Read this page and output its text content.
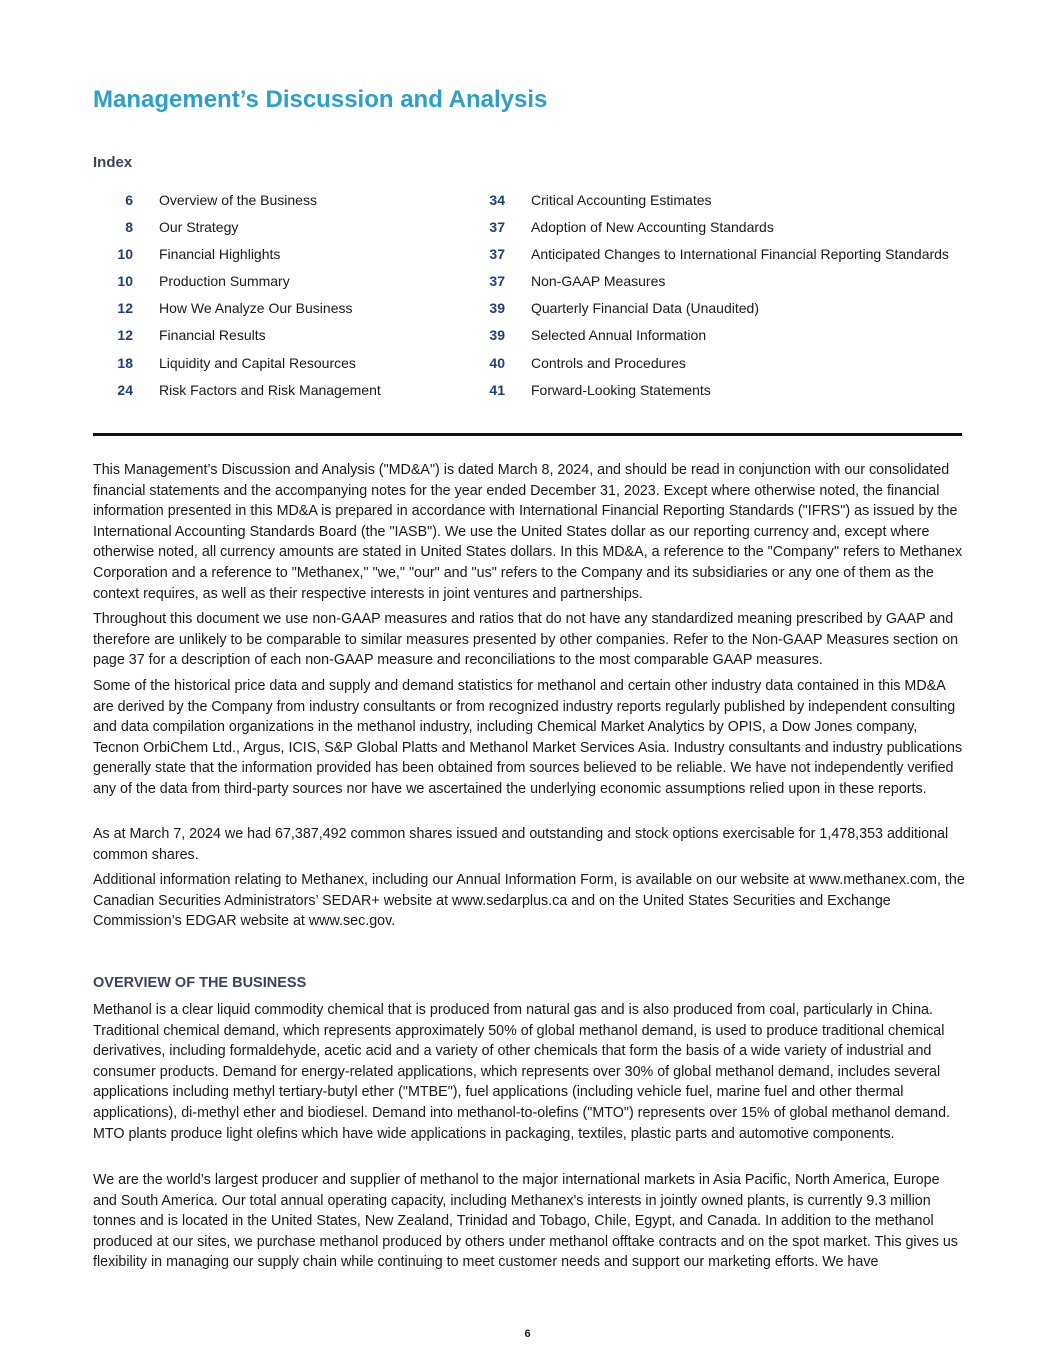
Management’s Discussion and Analysis
Index
6 Overview of the Business
8 Our Strategy
10 Financial Highlights
10 Production Summary
12 How We Analyze Our Business
12 Financial Results
18 Liquidity and Capital Resources
24 Risk Factors and Risk Management
34 Critical Accounting Estimates
37 Adoption of New Accounting Standards
37 Anticipated Changes to International Financial Reporting Standards
37 Non-GAAP Measures
39 Quarterly Financial Data (Unaudited)
39 Selected Annual Information
40 Controls and Procedures
41 Forward-Looking Statements

This Management’s Discussion and Analysis ("MD&A") is dated March 8, 2024, and should be read in conjunction with our consolidated financial statements and the accompanying notes for the year ended December 31, 2023. Except where otherwise noted, the financial information presented in this MD&A is prepared in accordance with International Financial Reporting Standards ("IFRS") as issued by the International Accounting Standards Board (the "IASB"). We use the United States dollar as our reporting currency and, except where otherwise noted, all currency amounts are stated in United States dollars. In this MD&A, a reference to the "Company" refers to Methanex Corporation and a reference to "Methanex," "we," "our" and "us" refers to the Company and its subsidiaries or any one of them as the context requires, as well as their respective interests in joint ventures and partnerships.

Throughout this document we use non-GAAP measures and ratios that do not have any standardized meaning prescribed by GAAP and therefore are unlikely to be comparable to similar measures presented by other companies. Refer to the Non-GAAP Measures section on page 37 for a description of each non-GAAP measure and reconciliations to the most comparable GAAP measures.

Some of the historical price data and supply and demand statistics for methanol and certain other industry data contained in this MD&A are derived by the Company from industry consultants or from recognized industry reports regularly published by independent consulting and data compilation organizations in the methanol industry, including Chemical Market Analytics by OPIS, a Dow Jones company, Tecnon OrbiChem Ltd., Argus, ICIS, S&P Global Platts and Methanol Market Services Asia. Industry consultants and industry publications generally state that the information provided has been obtained from sources believed to be reliable. We have not independently verified any of the data from third-party sources nor have we ascertained the underlying economic assumptions relied upon in these reports.

As at March 7, 2024 we had 67,387,492 common shares issued and outstanding and stock options exercisable for 1,478,353 additional common shares.

Additional information relating to Methanex, including our Annual Information Form, is available on our website at www.methanex.com, the Canadian Securities Administrators’ SEDAR+ website at www.sedarplus.ca and on the United States Securities and Exchange Commission’s EDGAR website at www.sec.gov.

OVERVIEW OF THE BUSINESS

Methanol is a clear liquid commodity chemical that is produced from natural gas and is also produced from coal, particularly in China. Traditional chemical demand, which represents approximately 50% of global methanol demand, is used to produce traditional chemical derivatives, including formaldehyde, acetic acid and a variety of other chemicals that form the basis of a wide variety of industrial and consumer products. Demand for energy-related applications, which represents over 30% of global methanol demand, includes several applications including methyl tertiary-butyl ether ("MTBE"), fuel applications (including vehicle fuel, marine fuel and other thermal applications), di-methyl ether and biodiesel. Demand into methanol-to-olefins ("MTO") represents over 15% of global methanol demand. MTO plants produce light olefins which have wide applications in packaging, textiles, plastic parts and automotive components.

We are the world’s largest producer and supplier of methanol to the major international markets in Asia Pacific, North America, Europe and South America. Our total annual operating capacity, including Methanex's interests in jointly owned plants, is currently 9.3 million tonnes and is located in the United States, New Zealand, Trinidad and Tobago, Chile, Egypt, and Canada. In addition to the methanol produced at our sites, we purchase methanol produced by others under methanol offtake contracts and on the spot market. This gives us flexibility in managing our supply chain while continuing to meet customer needs and support our marketing efforts. We have

6
